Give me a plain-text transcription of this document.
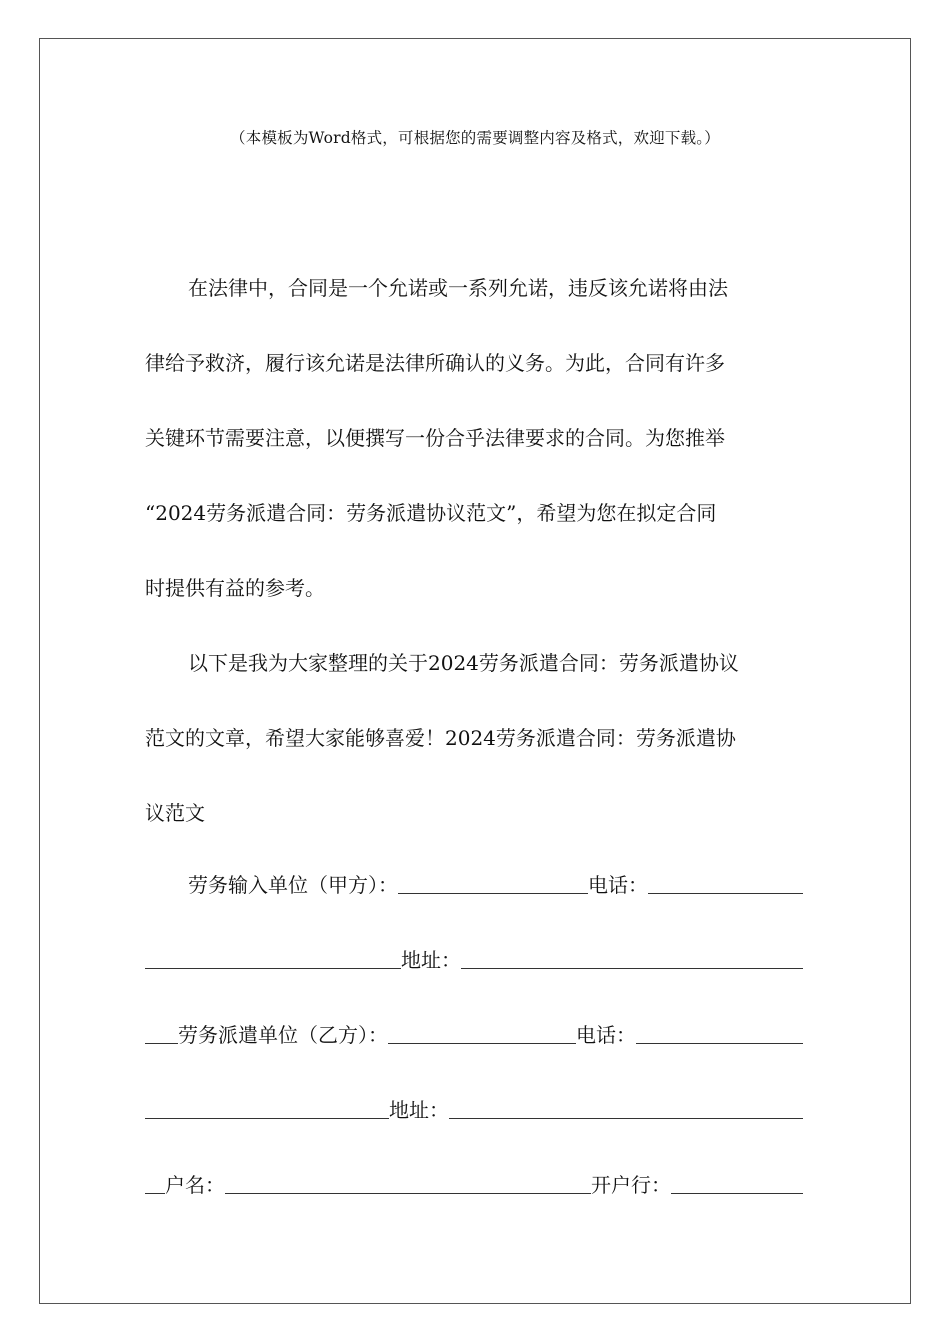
（本模板为Word格式，可根据您的需要调整内容及格式，欢迎下载。）
在法律中，合同是一个允诺或一系列允诺，违反该允诺将由法
律给予救济，履行该允诺是法律所确认的义务。为此，合同有许多
关键环节需要注意，以便撰写一份合乎法律要求的合同。为您推举
“2024劳务派遣合同：劳务派遣协议范文”，希望为您在拟定合同
时提供有益的参考。
以下是我为大家整理的关于2024劳务派遣合同：劳务派遣协议
范文的文章，希望大家能够喜爱！2024劳务派遣合同：劳务派遣协
议范文
劳务输入单位（甲方）：	电话：
地址：
劳务派遣单位（乙方）：	电话：
地址：
户名：	开户行：
